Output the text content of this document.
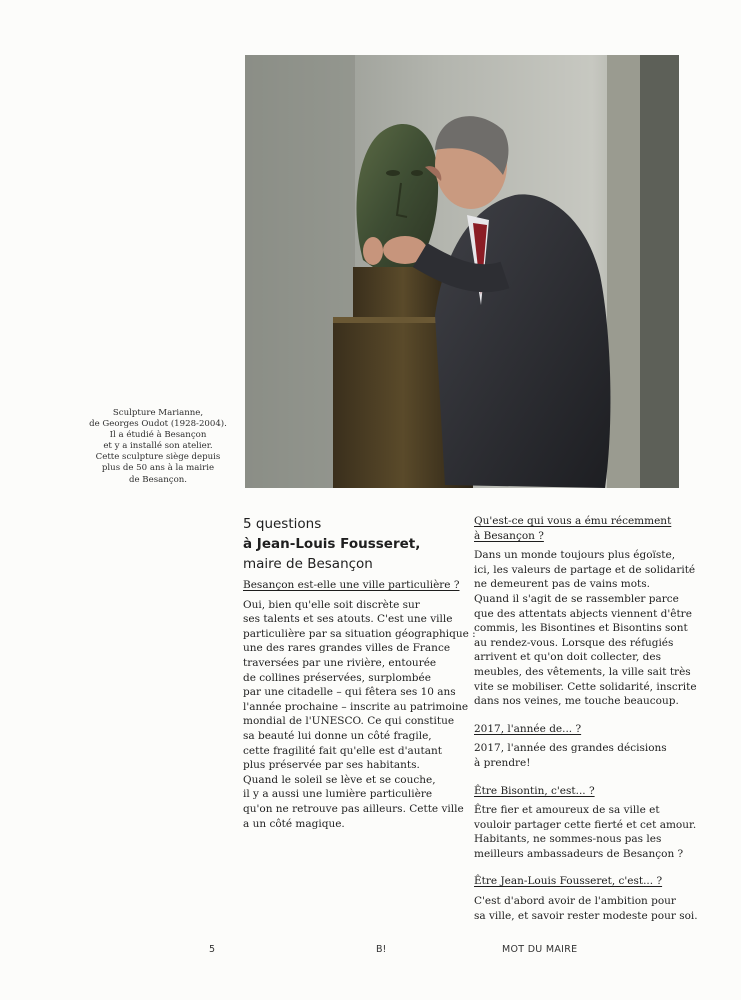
Sculpture Marianne,
de Georges Oudot (1928-2004).
Il a étudié à Besançon
et y a installé son atelier.
Cette sculpture siège depuis
plus de 50 ans à la mairie
de Besançon.
5 questions
à Jean-Louis Fousseret,
maire de Besançon
Besançon est-elle une ville particulière ?
Oui, bien qu'elle soit discrète sur
ses talents et ses atouts. C'est une ville
particulière par sa situation géographique :
une des rares grandes villes de France
traversées par une rivière, entourée
de collines préservées, surplombée
par une citadelle – qui fêtera ses 10 ans
l'année prochaine – inscrite au patrimoine
mondial de l'UNESCO. Ce qui constitue
sa beauté lui donne un côté fragile,
cette fragilité fait qu'elle est d'autant
plus préservée par ses habitants.
Quand le soleil se lève et se couche,
il y a aussi une lumière particulière
qu'on ne retrouve pas ailleurs. Cette ville
a un côté magique.
Qu'est-ce qui vous a ému récemment
à Besançon ?
Dans un monde toujours plus égoïste,
ici, les valeurs de partage et de solidarité
ne demeurent pas de vains mots.
Quand il s'agit de se rassembler parce
que des attentats abjects viennent d'être
commis, les Bisontines et Bisontins sont
au rendez-vous. Lorsque des réfugiés
arrivent et qu'on doit collecter, des
meubles, des vêtements, la ville sait très
vite se mobiliser. Cette solidarité, inscrite
dans nos veines, me touche beaucoup.
2017, l'année de... ?
2017, l'année des grandes décisions
à prendre!
Être Bisontin, c'est... ?
Être fier et amoureux de sa ville et
vouloir partager cette fierté et cet amour.
Habitants, ne sommes-nous pas les
meilleurs ambassadeurs de Besançon ?
Être Jean-Louis Fousseret, c'est... ?
C'est d'abord avoir de l'ambition pour
sa ville, et savoir rester modeste pour soi.
5	B!	MOT DU MAIRE
